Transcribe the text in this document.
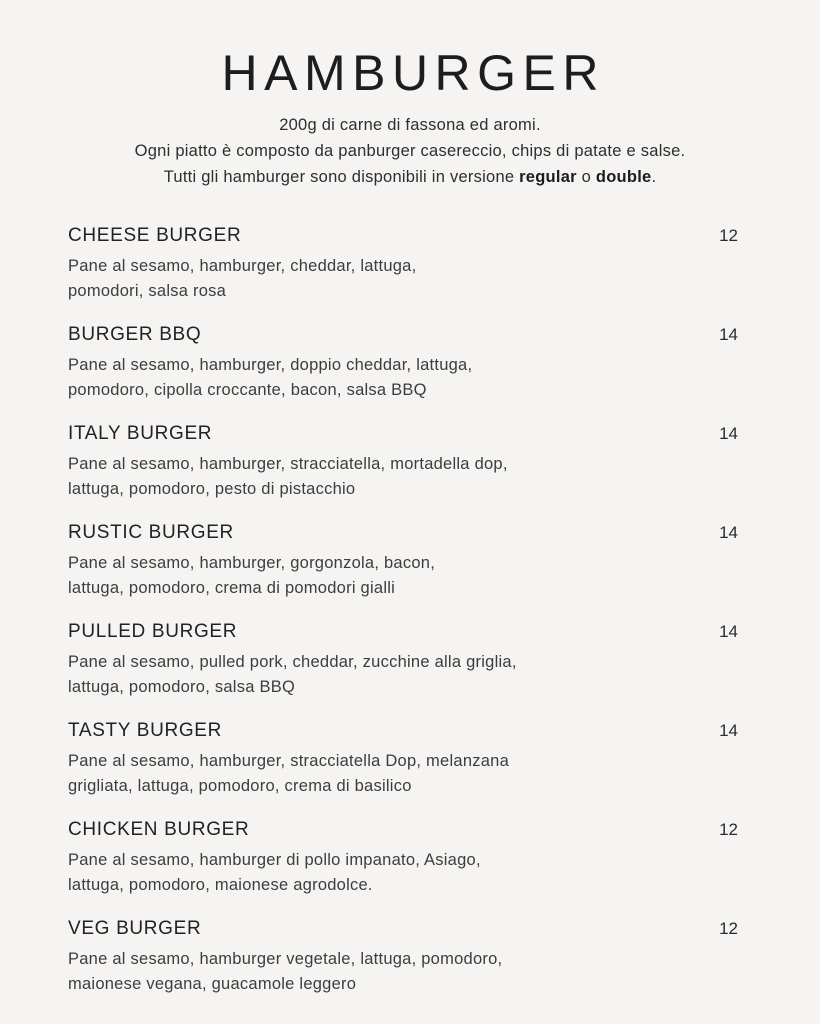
HAMBURGER
200g di carne di fassona ed aromi.
Ogni piatto è composto da panburger casereccio, chips di patate e salse.
Tutti gli hamburger sono disponibili in versione regular o double.
CHEESE BURGER	12

Pane al sesamo, hamburger, cheddar, lattuga,
pomodori, salsa rosa

BURGER BBQ	14

Pane al sesamo, hamburger, doppio cheddar, lattuga,
pomodoro, cipolla croccante, bacon, salsa BBQ

ITALY BURGER	14

Pane al sesamo, hamburger, stracciatella, mortadella dop,
lattuga, pomodoro, pesto di pistacchio

RUSTIC BURGER	14

Pane al sesamo, hamburger, gorgonzola, bacon,
lattuga, pomodoro, crema di pomodori gialli

PULLED BURGER	14

Pane al sesamo, pulled pork, cheddar, zucchine alla griglia,
lattuga, pomodoro, salsa BBQ

TASTY BURGER	14

Pane al sesamo, hamburger, stracciatella Dop, melanzana
grigliata, lattuga, pomodoro, crema di basilico

CHICKEN BURGER	12

Pane al sesamo, hamburger di pollo impanato, Asiago,
lattuga, pomodoro, maionese agrodolce.

VEG BURGER	12

Pane al sesamo, hamburger vegetale, lattuga, pomodoro,
maionese vegana, guacamole leggero
